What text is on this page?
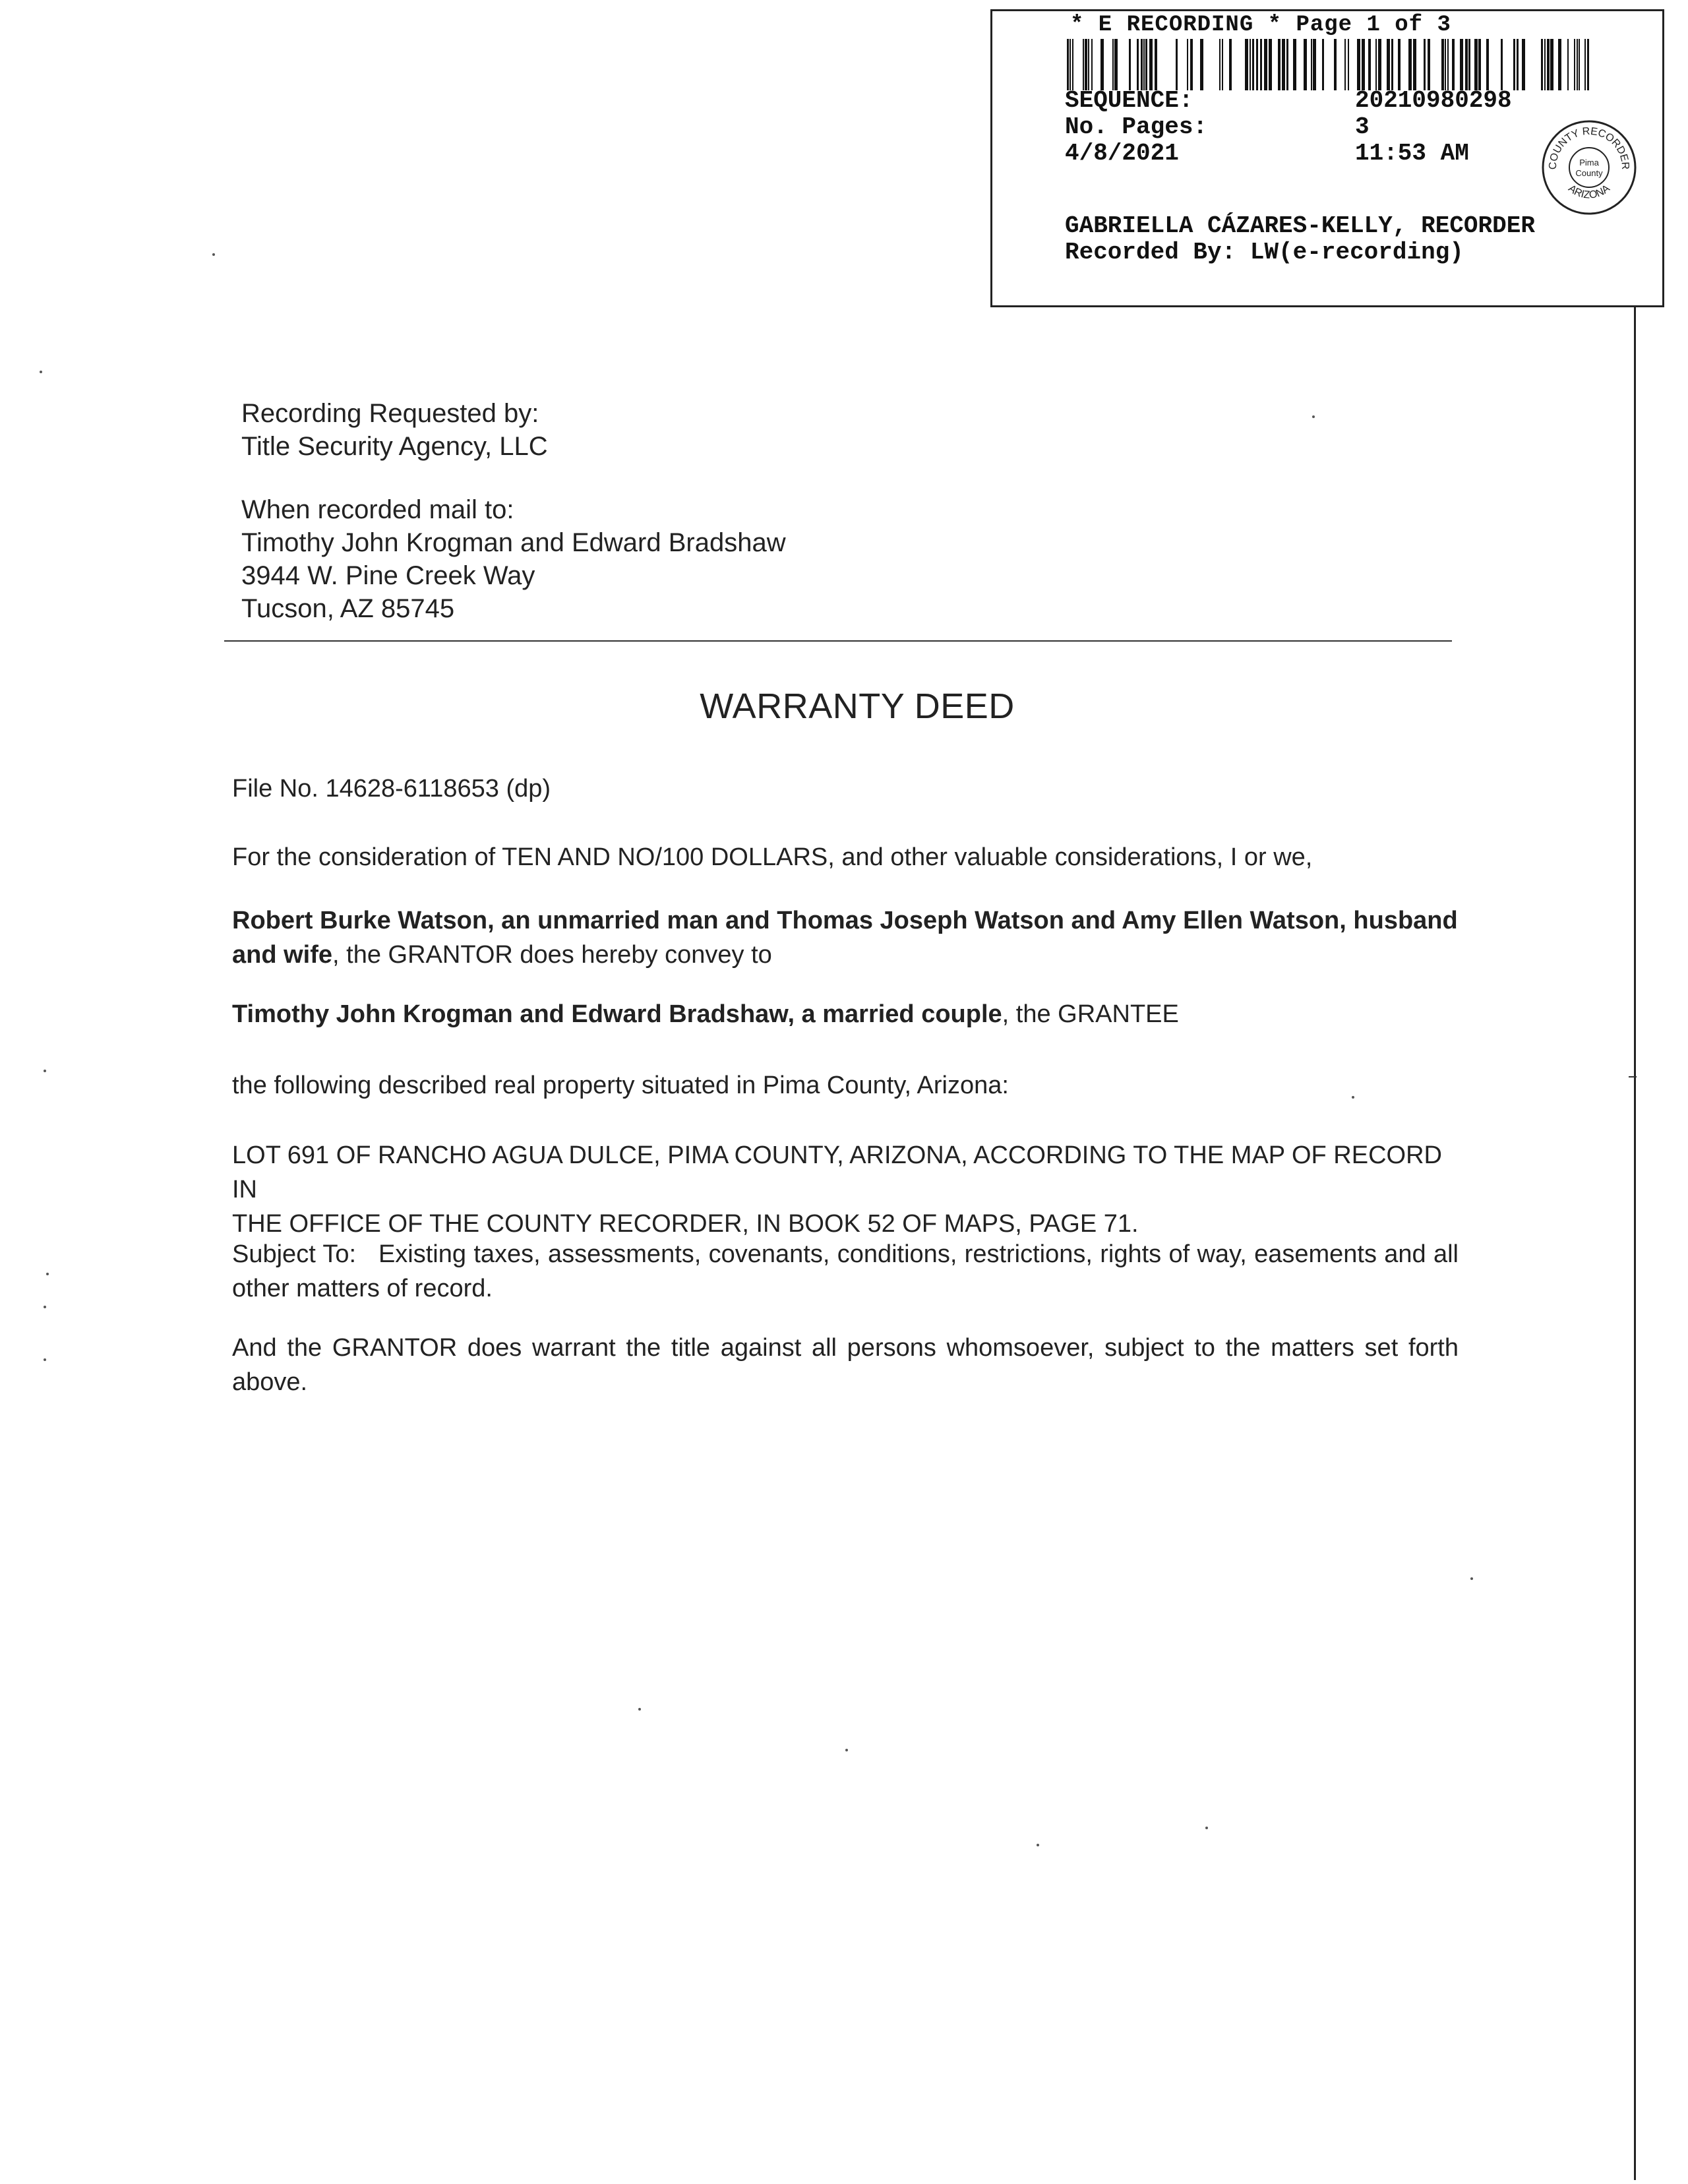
* E RECORDING * Page 1 of 3
SEQUENCE:	20210980298
No. Pages:	3
4/8/2021	11:53 AM	COUNTY RECORDER
ARIZONA
Pima
County
GABRIELLA CÁZARES-KELLY, RECORDER
Recorded By: LW(e-recording)
Recording Requested by:
Title Security Agency, LLC
When recorded mail to:
Timothy John Krogman and Edward Bradshaw
3944 W. Pine Creek Way
Tucson, AZ 85745
WARRANTY DEED
File No. 14628-6118653 (dp)
For the consideration of TEN AND NO/100 DOLLARS, and other valuable considerations, I or we,
Robert Burke Watson, an unmarried man and Thomas Joseph Watson and Amy Ellen Watson, husband and wife, the GRANTOR does hereby convey to
Timothy John Krogman and Edward Bradshaw, a married couple, the GRANTEE
the following described real property situated in Pima County, Arizona:
LOT 691 OF RANCHO AGUA DULCE, PIMA COUNTY, ARIZONA, ACCORDING TO THE MAP OF RECORD IN
THE OFFICE OF THE COUNTY RECORDER, IN BOOK 52 OF MAPS, PAGE 71.
Subject To:   Existing taxes, assessments, covenants, conditions, restrictions, rights of way, easements and all other matters of record.
And the GRANTOR does warrant the title against all persons whomsoever, subject to the matters set forth above.
